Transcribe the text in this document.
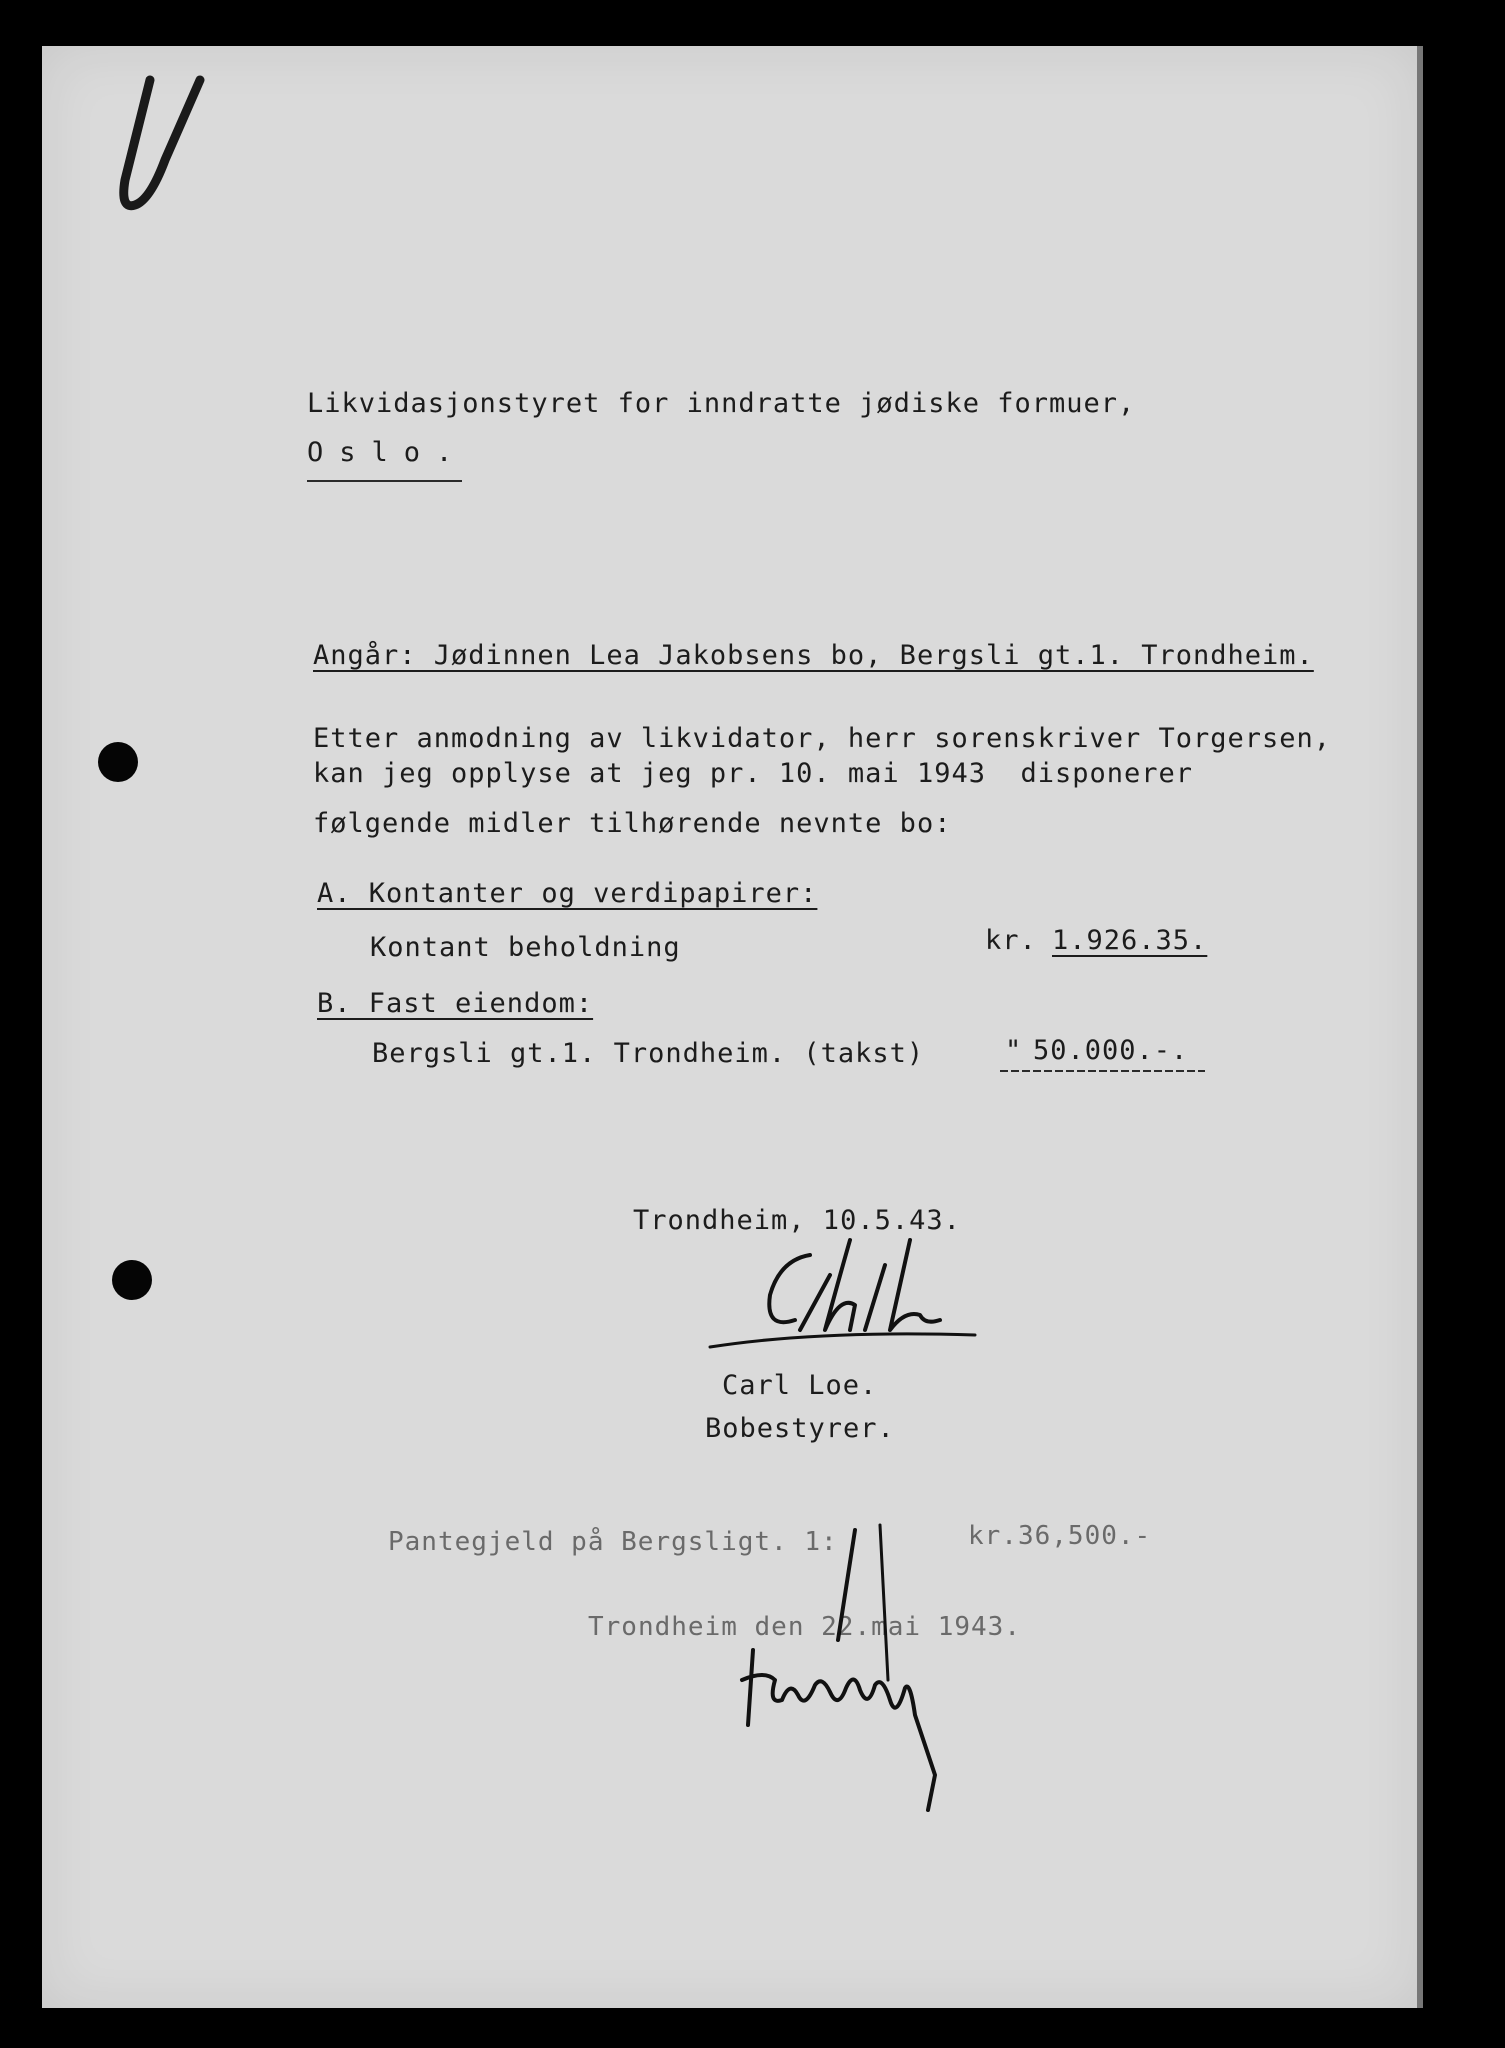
Likvidasjonstyret for inndratte jødiske formuer,
Oslo.
Angår: Jødinnen Lea Jakobsens bo, Bergsli gt.1. Trondheim.
Etter anmodning av likvidator, herr sorenskriver Torgersen,
kan jeg opplyse at jeg pr. 10. mai 1943  disponerer
følgende midler tilhørende nevnte bo:
A. Kontanter og verdipapirer:
Kontant beholdning	kr. 1.926.35.
B. Fast eiendom:
Bergsli gt.1. Trondheim. (takst)	" 50.000.-.
Trondheim, 10.5.43.
Carl Loe.
Bobestyrer.
Pantegjeld på Bergsligt. 1:	kr.36,500.-
Trondheim den 22.mai 1943.
